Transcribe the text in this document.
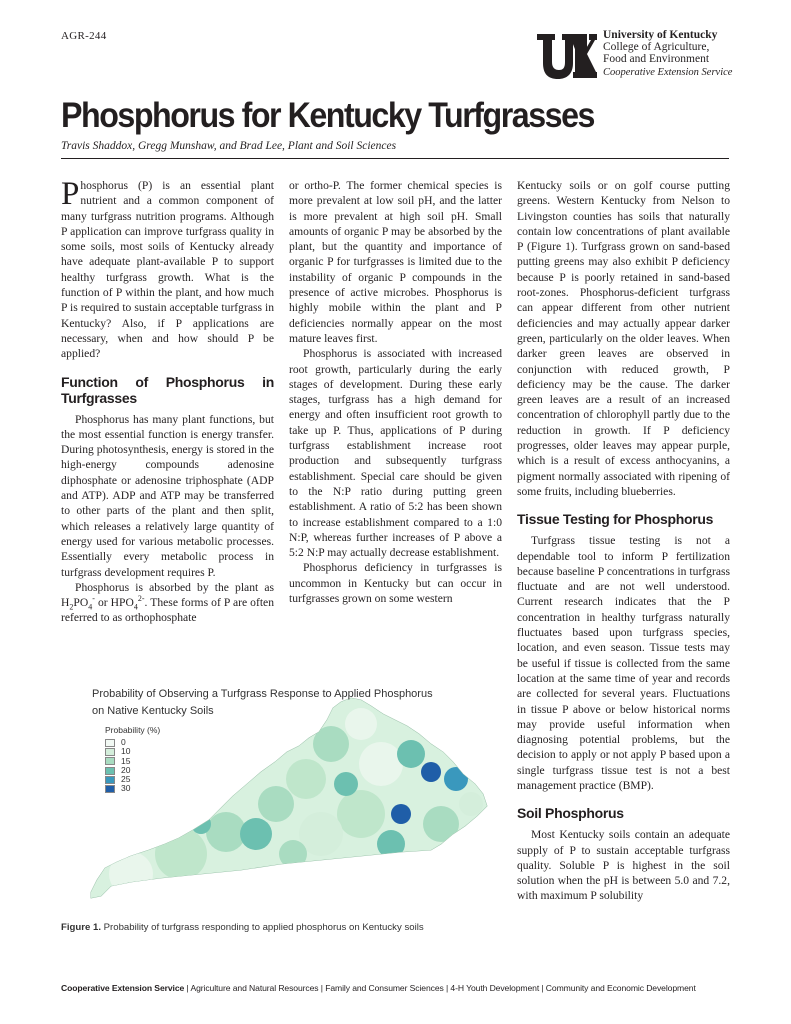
AGR-244	University of Kentucky
College of Agriculture,
Food and Environment
Cooperative Extension Service
Phosphorus for Kentucky Turfgrasses
Travis Shaddox, Gregg Munshaw, and Brad Lee, Plant and Soil Sciences

Phosphorus (P) is an essential plant nutrient and a common component of many turfgrass nutrition programs. Although P application can improve turfgrass quality in some soils, most soils of Kentucky already have adequate plant-available P to support healthy turfgrass growth. What is the function of P within the plant, and how much P is required to sustain acceptable turfgrass in Kentucky? Also, if P applications are necessary, when and how should P be applied?

Function of Phosphorus in Turfgrasses

Phosphorus has many plant functions, but the most essential function is energy transfer. During photosynthesis, energy is stored in the high-energy compounds adenosine diphosphate or adenosine triphosphate (ADP and ATP). ADP and ATP may be transferred to other parts of the plant and then split, which releases a relatively large quantity of energy used for various metabolic processes. Essentially every metabolic process in turfgrass development requires P.

Phosphorus is absorbed by the plant as $H_2PO_4^-$ or $HPO_4^{2-}$. These forms of P are often referred to as orthophosphate

or ortho-P. The former chemical species is more prevalent at low soil pH, and the latter is more prevalent at high soil pH. Small amounts of organic P may be absorbed by the plant, but the quantity and importance of organic P for turfgrasses is limited due to the instability of organic P compounds in the presence of active microbes. Phosphorus is highly mobile within the plant and P deficiencies normally appear on the most mature leaves first.

Phosphorus is associated with increased root growth, particularly during the early stages of development. During these early stages, turfgrass has a high demand for energy and often insufficient root growth to take up P. Thus, applications of P during turfgrass establishment increase root production and subsequently turfgrass establishment. Special care should be given to the N:P ratio during putting green establishment. A ratio of 5:2 has been shown to increase establishment compared to a 1:0 N:P, whereas further increases of P above a 5:2 N:P may actually decrease establishment.

Phosphorus deficiency in turfgrasses is uncommon in Kentucky but can occur in turfgrasses grown on some western

Kentucky soils or on golf course putting greens. Western Kentucky from Nelson to Livingston counties has soils that naturally contain low concentrations of plant available P (Figure 1). Turfgrass grown on sand-based putting greens may also exhibit P deficiency because P is poorly retained in sand-based root-zones. Phosphorus-deficient turfgrass can appear different from other nutrient deficiencies and may actually appear darker green, particularly on the older leaves. When darker green leaves are observed in conjunction with reduced growth, P deficiency may be the cause. The darker green leaves are a result of an increased concentration of chlorophyll partly due to the reduction in growth. If P deficiency progresses, older leaves may appear purple, which is a result of excess anthocyanins, a pigment normally associated with ripening of some fruits, including blueberries.

Tissue Testing for Phosphorus

Turfgrass tissue testing is not a dependable tool to inform P fertilization because baseline P concentrations in turfgrass fluctuate and are not well understood. Current research indicates that the P concentration in healthy turfgrass naturally fluctuates based upon turfgrass species, location, and even season. Tissue tests may be useful if tissue is collected from the same location at the same time of year and records are collected for several years. Fluctuations in tissue P above or below historical norms may provide useful information when diagnosing potential problems, but the decision to apply or not apply P based upon a single turfgrass tissue test is not a best management practice (BMP).

Soil Phosphorus

Most Kentucky soils contain an adequate supply of P to sustain acceptable turfgrass quality. Soluble P is highest in the soil solution when the pH is between 5.0 and 7.2, with maximum P solubility

Probability of Observing a Turfgrass Response to Applied Phosphorus
on Native Kentucky Soils
Probability (%)
0
10
15
20
25
30
Figure 1. Probability of turfgrass responding to applied phosphorus on Kentucky soils
Cooperative Extension Service | Agriculture and Natural Resources | Family and Consumer Sciences | 4-H Youth Development | Community and Economic Development
